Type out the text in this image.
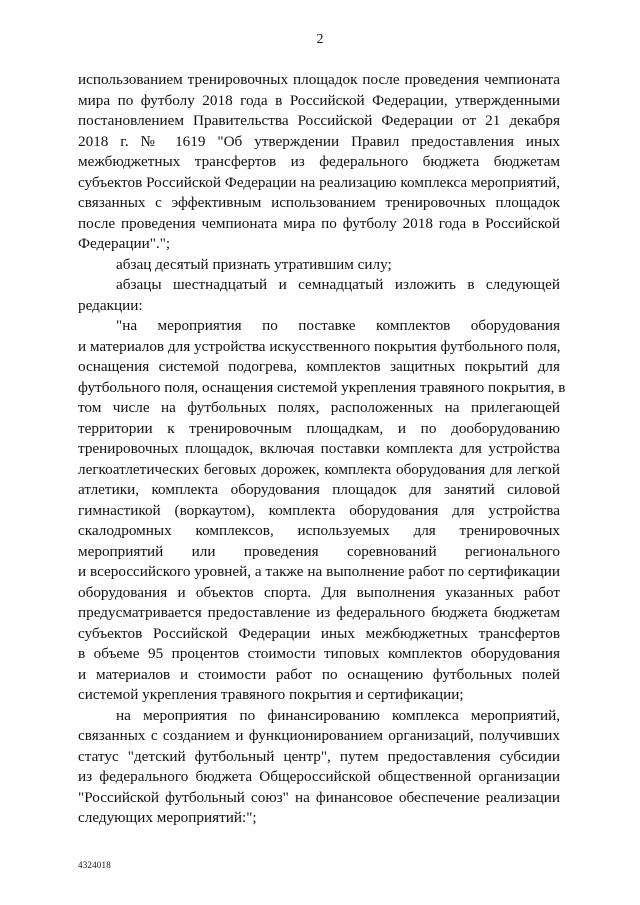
2
использованием тренировочных площадок после проведения чемпионата
мира по футболу 2018 года в Российской Федерации, утвержденными
постановлением Правительства Российской Федерации от 21 декабря
2018 г. № 1619 "Об утверждении Правил предоставления иных
межбюджетных трансфертов из федерального бюджета бюджетам
субъектов Российской Федерации на реализацию комплекса мероприятий,
связанных с эффективным использованием тренировочных площадок
после проведения чемпионата мира по футболу 2018 года в Российской
Федерации".";
абзац десятый признать утратившим силу;
абзацы шестнадцатый и семнадцатый изложить в следующей
редакции:
"на мероприятия по поставке комплектов оборудования
и материалов для устройства искусственного покрытия футбольного поля,
оснащения системой подогрева, комплектов защитных покрытий для
футбольного поля, оснащения системой укрепления травяного покрытия, в
том числе на футбольных полях, расположенных на прилегающей
территории к тренировочным площадкам, и по дооборудованию
тренировочных площадок, включая поставки комплекта для устройства
легкоатлетических беговых дорожек, комплекта оборудования для легкой
атлетики, комплекта оборудования площадок для занятий силовой
гимнастикой (воркаутом), комплекта оборудования для устройства
скалодромных комплексов, используемых для тренировочных
мероприятий или проведения соревнований регионального
и всероссийского уровней, а также на выполнение работ по сертификации
оборудования и объектов спорта. Для выполнения указанных работ
предусматривается предоставление из федерального бюджета бюджетам
субъектов Российской Федерации иных межбюджетных трансфертов
в объеме 95 процентов стоимости типовых комплектов оборудования
и материалов и стоимости работ по оснащению футбольных полей
системой укрепления травяного покрытия и сертификации;
на мероприятия по финансированию комплекса мероприятий,
связанных с созданием и функционированием организаций, получивших
статус "детский футбольный центр", путем предоставления субсидии
из федерального бюджета Общероссийской общественной организации
"Российской футбольный союз" на финансовое обеспечение реализации
следующих мероприятий:";
4324018
